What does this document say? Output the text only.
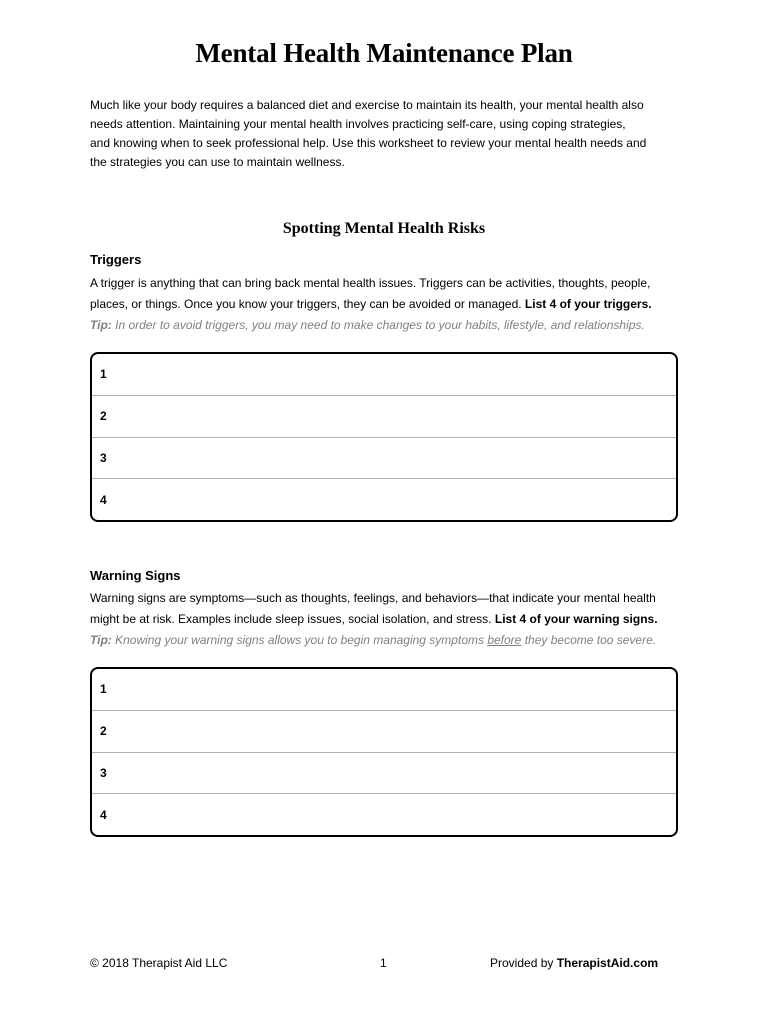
Mental Health Maintenance Plan
Much like your body requires a balanced diet and exercise to maintain its health, your mental health also
needs attention. Maintaining your mental health involves practicing self-care, using coping strategies,
and knowing when to seek professional help. Use this worksheet to review your mental health needs and
the strategies you can use to maintain wellness.
Spotting Mental Health Risks
Triggers
A trigger is anything that can bring back mental health issues. Triggers can be activities, thoughts, people,
places, or things. Once you know your triggers, they can be avoided or managed. List 4 of your triggers.
Tip: In order to avoid triggers, you may need to make changes to your habits, lifestyle, and relationships.
1
2
3
4
Warning Signs
Warning signs are symptoms—such as thoughts, feelings, and behaviors—that indicate your mental health
might be at risk. Examples include sleep issues, social isolation, and stress. List 4 of your warning signs.
Tip: Knowing your warning signs allows you to begin managing symptoms before they become too severe.
1
2
3
4
© 2018 Therapist Aid LLC	1	Provided by TherapistAid.com
